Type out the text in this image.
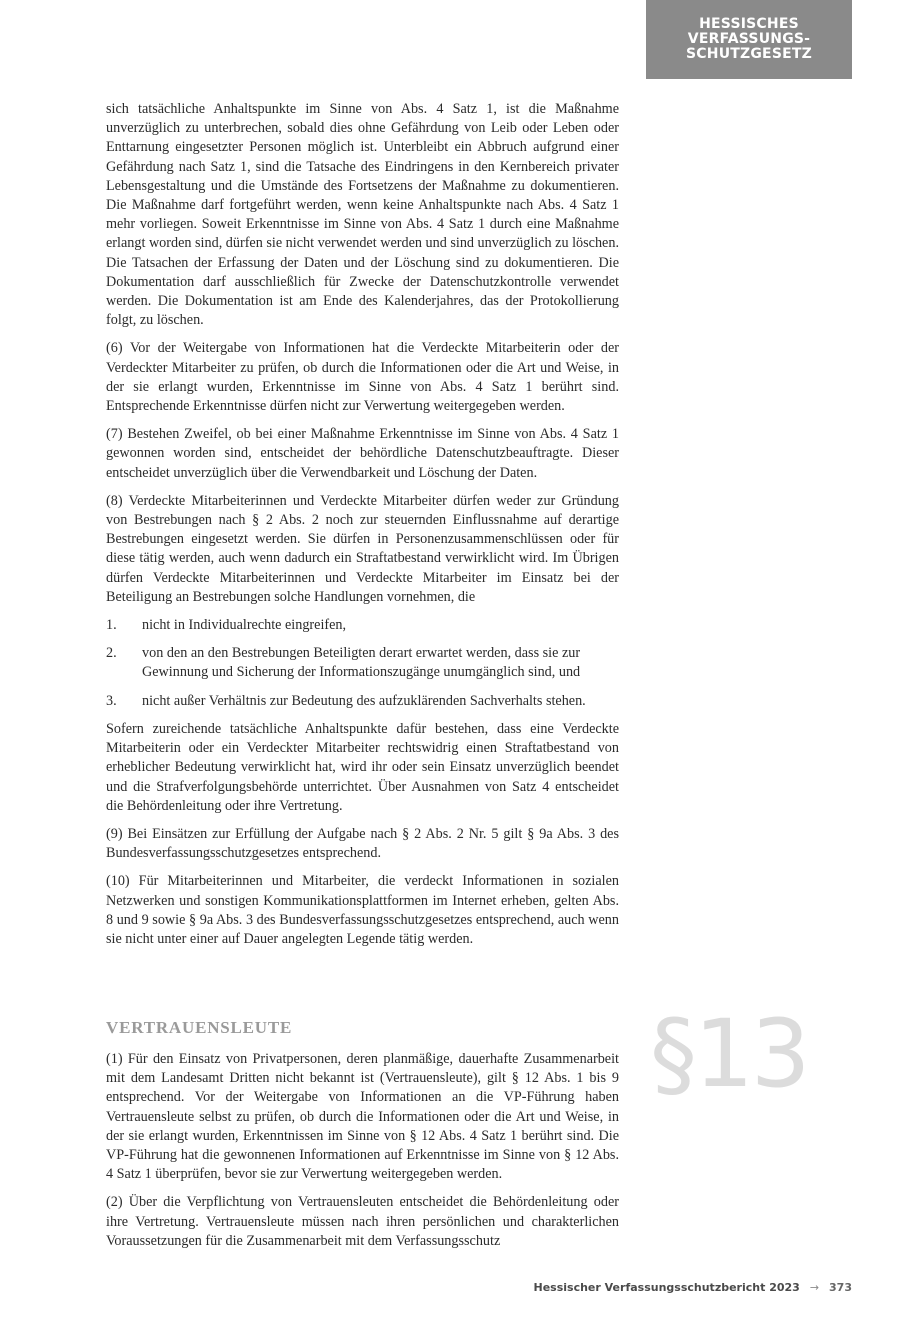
HESSISCHES
VERFASSUNGS-
SCHUTZGESETZ

sich tatsächliche Anhaltspunkte im Sinne von Abs. 4 Satz 1, ist die Maßnahme unverzüglich zu unterbrechen, sobald dies ohne Gefährdung von Leib oder Leben oder Enttarnung eingesetzter Personen möglich ist. Unterbleibt ein Abbruch aufgrund einer Gefährdung nach Satz 1, sind die Tatsache des Eindringens in den Kernbereich privater Lebensgestaltung und die Umstände des Fortsetzens der Maßnahme zu dokumentieren. Die Maßnahme darf fortgeführt werden, wenn keine Anhaltspunkte nach Abs. 4 Satz 1 mehr vorliegen. Soweit Erkenntnisse im Sinne von Abs. 4 Satz 1 durch eine Maßnahme erlangt worden sind, dürfen sie nicht verwendet werden und sind unverzüglich zu löschen. Die Tatsachen der Erfassung der Daten und der Löschung sind zu dokumentieren. Die Dokumentation darf ausschließlich für Zwecke der Datenschutzkontrolle verwendet werden. Die Dokumentation ist am Ende des Kalenderjahres, das der Protokollierung folgt, zu löschen.

(6) Vor der Weitergabe von Informationen hat die Verdeckte Mitarbeiterin oder der Verdeckter Mitarbeiter zu prüfen, ob durch die Informationen oder die Art und Weise, in der sie erlangt wurden, Erkenntnisse im Sinne von Abs. 4 Satz 1 berührt sind. Entsprechende Erkenntnisse dürfen nicht zur Verwertung weitergegeben werden.

(7) Bestehen Zweifel, ob bei einer Maßnahme Erkenntnisse im Sinne von Abs. 4 Satz 1 gewonnen worden sind, entscheidet der behördliche Datenschutzbeauftragte. Dieser entscheidet unverzüglich über die Verwendbarkeit und Löschung der Daten.

(8) Verdeckte Mitarbeiterinnen und Verdeckte Mitarbeiter dürfen weder zur Gründung von Bestrebungen nach § 2 Abs. 2 noch zur steuernden Einflussnahme auf derartige Bestrebungen eingesetzt werden. Sie dürfen in Personenzusammenschlüssen oder für diese tätig werden, auch wenn dadurch ein Straftatbestand verwirklicht wird. Im Übrigen dürfen Verdeckte Mitarbeiterinnen und Verdeckte Mitarbeiter im Einsatz bei der Beteiligung an Bestrebungen solche Handlungen vornehmen, die

1.	nicht in Individualrechte eingreifen,
2.	von den an den Bestrebungen Beteiligten derart erwartet werden, dass sie zur Gewinnung und Sicherung der Informationszugänge unumgänglich sind, und
3.	nicht außer Verhältnis zur Bedeutung des aufzuklärenden Sachverhalts stehen.

Sofern zureichende tatsächliche Anhaltspunkte dafür bestehen, dass eine Verdeckte Mitarbeiterin oder ein Verdeckter Mitarbeiter rechtswidrig einen Straftatbestand von erheblicher Bedeutung verwirklicht hat, wird ihr oder sein Einsatz unverzüglich beendet und die Strafverfolgungsbehörde unterrichtet. Über Ausnahmen von Satz 4 entscheidet die Behördenleitung oder ihre Vertretung.

(9) Bei Einsätzen zur Erfüllung der Aufgabe nach § 2 Abs. 2 Nr. 5 gilt § 9a Abs. 3 des Bundesverfassungsschutzgesetzes entsprechend.

(10) Für Mitarbeiterinnen und Mitarbeiter, die verdeckt Informationen in sozialen Netzwerken und sonstigen Kommunikationsplattformen im Internet erheben, gelten Abs. 8 und 9 sowie § 9a Abs. 3 des Bundesverfassungsschutzgesetzes entsprechend, auch wenn sie nicht unter einer auf Dauer angelegten Legende tätig werden.

VERTRAUENSLEUTE	§13

(1) Für den Einsatz von Privatpersonen, deren planmäßige, dauerhafte Zusammenarbeit mit dem Landesamt Dritten nicht bekannt ist (Vertrauensleute), gilt § 12 Abs. 1 bis 9 entsprechend. Vor der Weitergabe von Informationen an die VP-Führung haben Vertrauensleute selbst zu prüfen, ob durch die Informationen oder die Art und Weise, in der sie erlangt wurden, Erkenntnissen im Sinne von § 12 Abs. 4 Satz 1 berührt sind. Die VP-Führung hat die gewonnenen Informationen auf Erkenntnisse im Sinne von § 12 Abs. 4 Satz 1 überprüfen, bevor sie zur Verwertung weitergegeben werden.

(2) Über die Verpflichtung von Vertrauensleuten entscheidet die Behördenleitung oder ihre Vertretung. Vertrauensleute müssen nach ihren persönlichen und charakterlichen Voraussetzungen für die Zusammenarbeit mit dem Verfassungsschutz

Hessischer Verfassungsschutzbericht 2023 → 373
